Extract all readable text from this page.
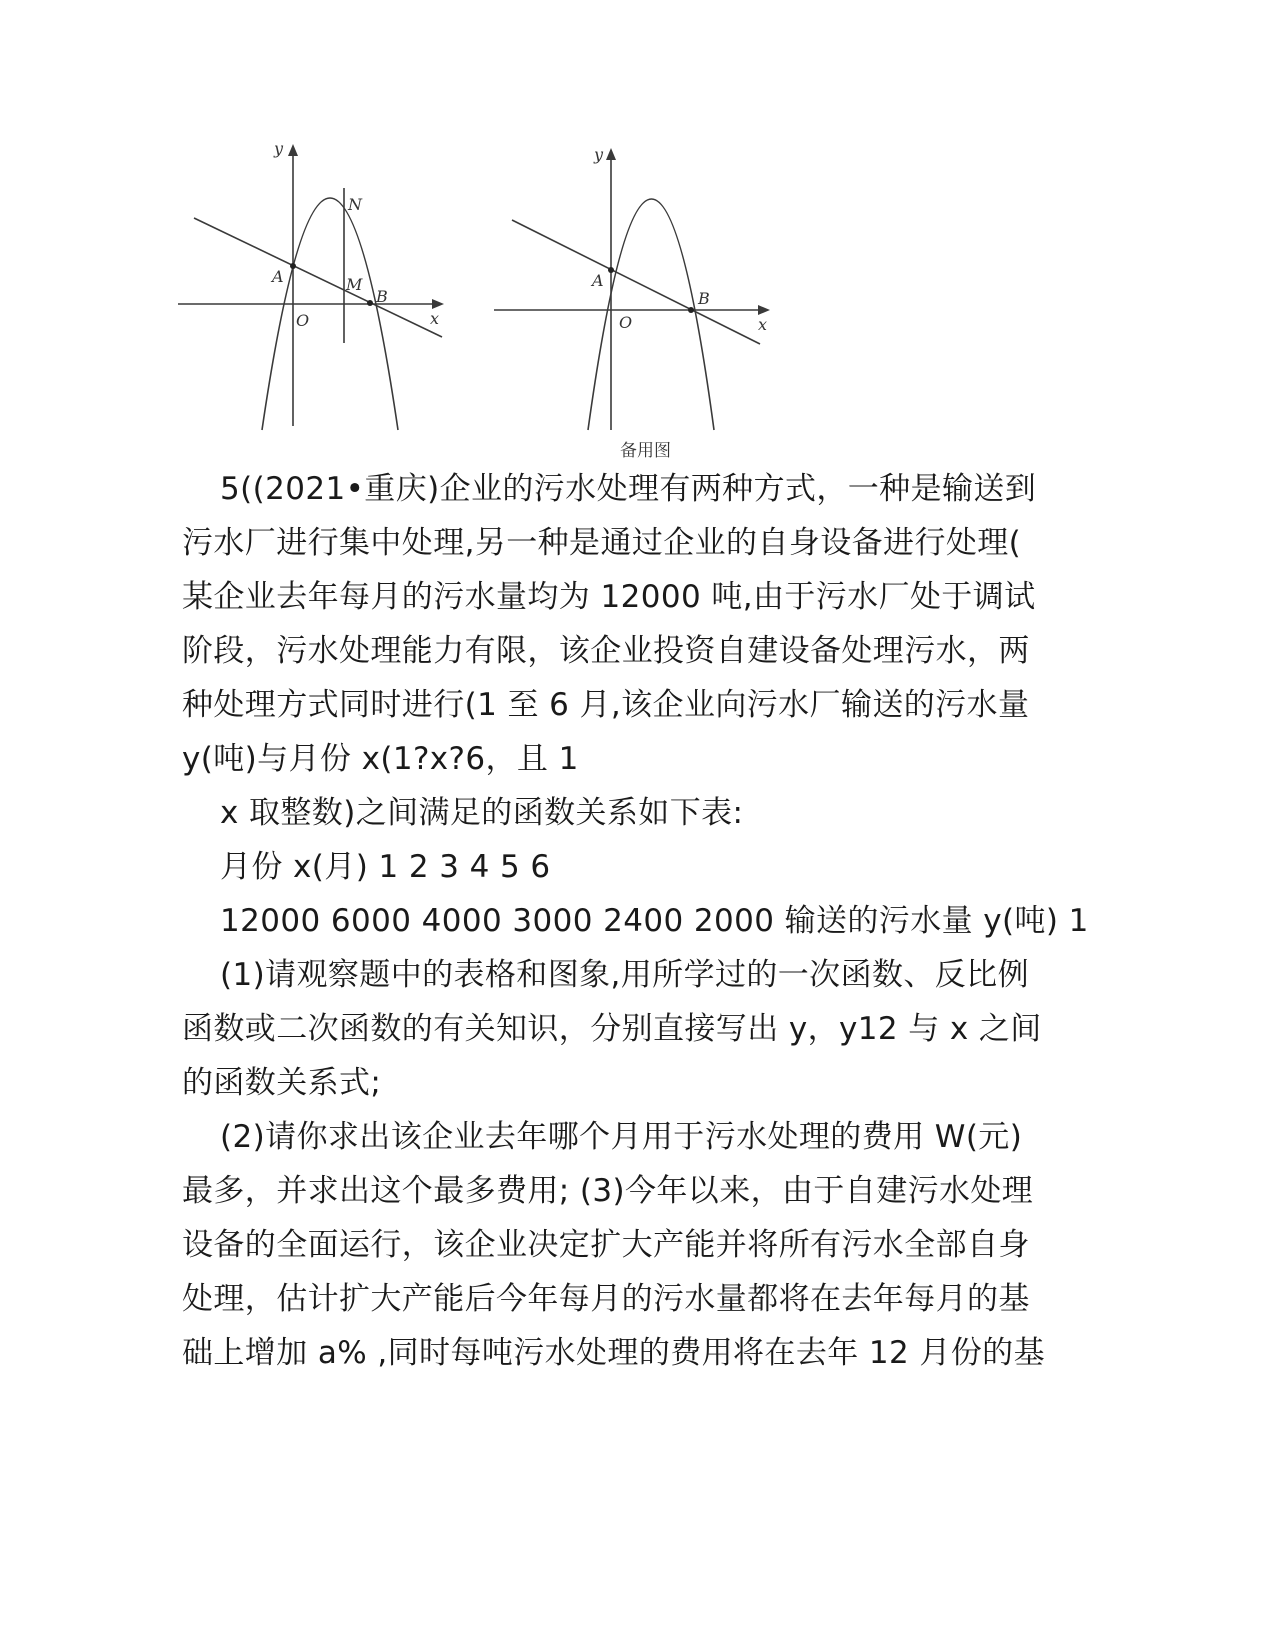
A
B
M
N
O	x
y
A
B
O	x
y
备用图
5((2021•重庆)企业的污水处理有两种方式，一种是输送到
污水厂进行集中处理,另一种是通过企业的自身设备进行处理(
某企业去年每月的污水量均为 12000 吨,由于污水厂处于调试
阶段，污水处理能力有限，该企业投资自建设备处理污水，两
种处理方式同时进行(1 至 6 月,该企业向污水厂输送的污水量
y(吨)与月份 x(1?x?6，且 1
x 取整数)之间满足的函数关系如下表:
月份 x(月) 1 2 3 4 5 6
12000 6000 4000 3000 2400 2000 输送的污水量 y(吨) 1
(1)请观察题中的表格和图象,用所学过的一次函数、反比例
函数或二次函数的有关知识，分别直接写出 y，y12 与 x 之间
的函数关系式;
(2)请你求出该企业去年哪个月用于污水处理的费用 W(元)
最多，并求出这个最多费用; (3)今年以来，由于自建污水处理
设备的全面运行，该企业决定扩大产能并将所有污水全部自身
处理，估计扩大产能后今年每月的污水量都将在去年每月的基
础上增加 a% ,同时每吨污水处理的费用将在去年 12 月份的基
